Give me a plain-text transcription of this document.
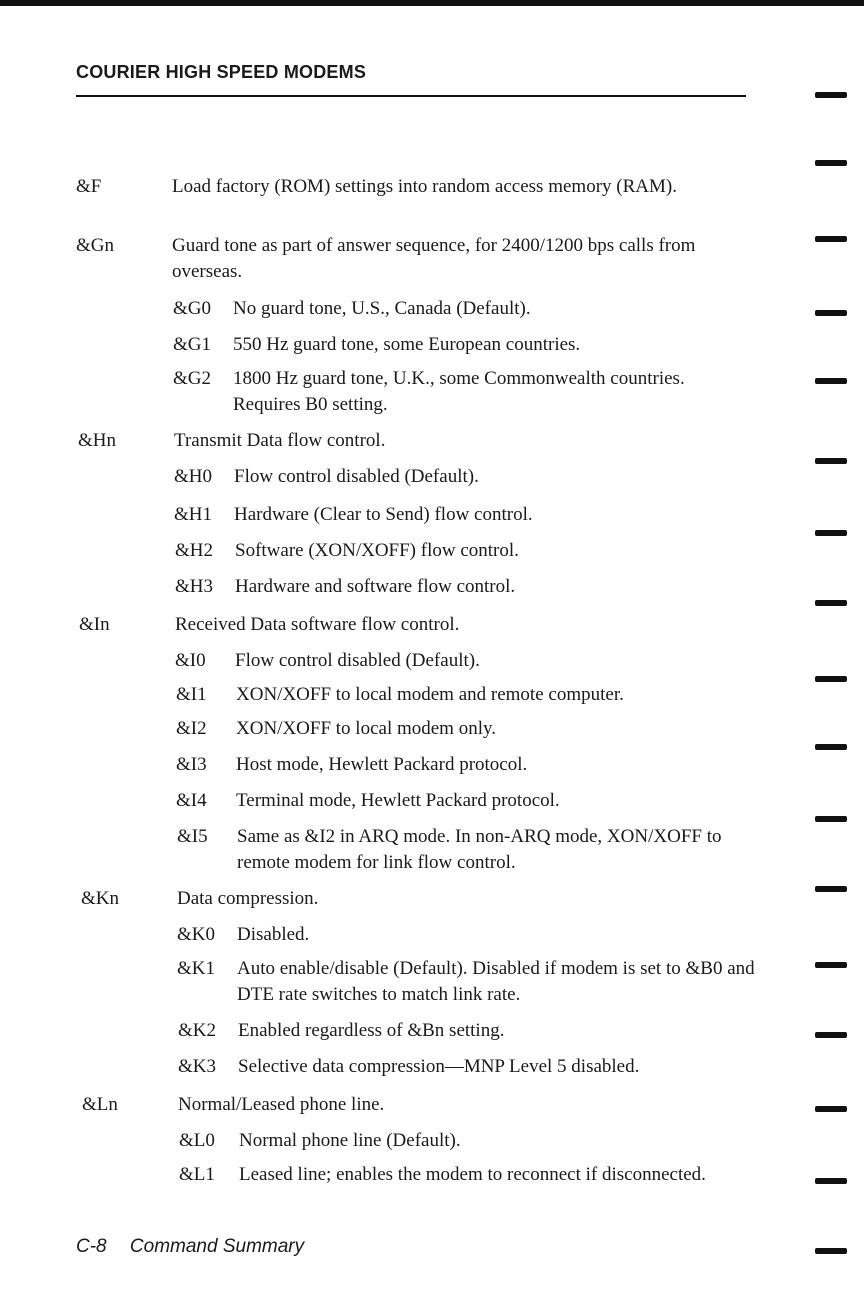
COURIER HIGH SPEED MODEMS
&F	Load factory (ROM) settings into random access memory (RAM).
&Gn	Guard tone as part of answer sequence, for 2400/1200 bps calls from overseas.
&G0 No guard tone, U.S., Canada (Default).
&G1 550 Hz guard tone, some European countries.
&G2 1800 Hz guard tone, U.K., some Commonwealth countries. Requires B0 setting.
&Hn	Transmit Data flow control.
&H0 Flow control disabled (Default).
&H1 Hardware (Clear to Send) flow control.
&H2 Software (XON/XOFF) flow control.
&H3 Hardware and software flow control.
&In	Received Data software flow control.
&I0 Flow control disabled (Default).
&I1 XON/XOFF to local modem and remote computer.
&I2 XON/XOFF to local modem only.
&I3 Host mode, Hewlett Packard protocol.
&I4 Terminal mode, Hewlett Packard protocol.
&I5 Same as &I2 in ARQ mode. In non-ARQ mode, XON/XOFF to remote modem for link flow control.
&Kn	Data compression.
&K0 Disabled.
&K1 Auto enable/disable (Default). Disabled if modem is set to &B0 and DTE rate switches to match link rate.
&K2 Enabled regardless of &Bn setting.
&K3 Selective data compression—MNP Level 5 disabled.
&Ln	Normal/Leased phone line.
&L0 Normal phone line (Default).
&L1 Leased line; enables the modem to reconnect if disconnected.
C-8 Command Summary
